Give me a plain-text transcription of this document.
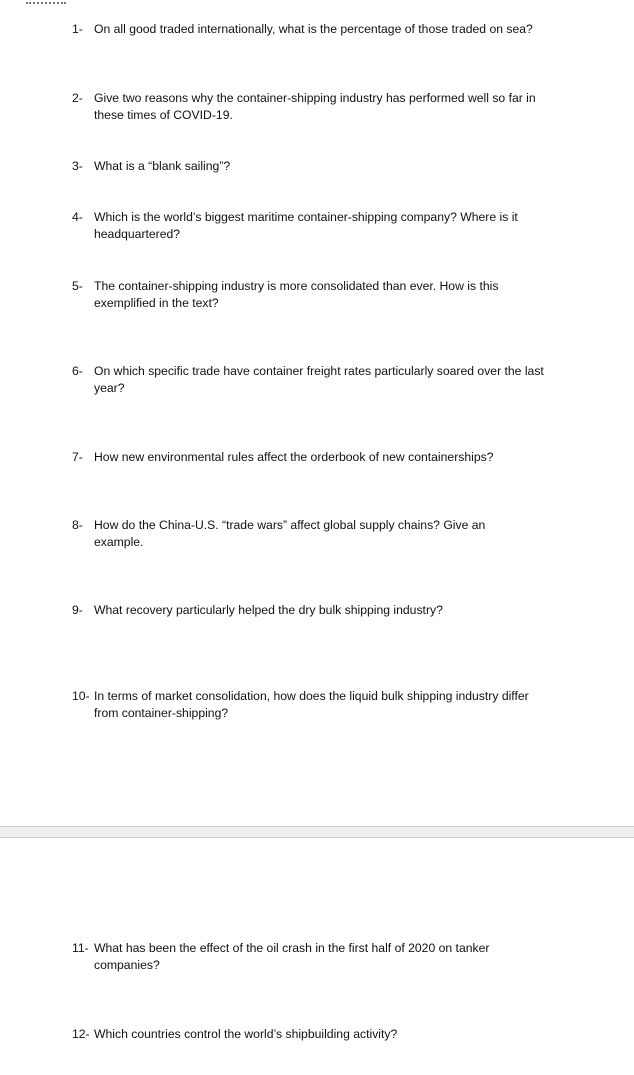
1- On all good traded internationally, what is the percentage of those traded on sea?
2- Give two reasons why the container-shipping industry has performed well so far in these times of COVID-19.
3- What is a “blank sailing”?
4- Which is the world’s biggest maritime container-shipping company? Where is it headquartered?
5- The container-shipping industry is more consolidated than ever. How is this exemplified in the text?
6- On which specific trade have container freight rates particularly soared over the last year?
7- How new environmental rules affect the orderbook of new containerships?
8- How do the China-U.S. “trade wars” affect global supply chains? Give an example.
9- What recovery particularly helped the dry bulk shipping industry?
10- In terms of market consolidation, how does the liquid bulk shipping industry differ from container-shipping?
11- What has been the effect of the oil crash in the first half of 2020 on tanker companies?
12- Which countries control the world’s shipbuilding activity?
